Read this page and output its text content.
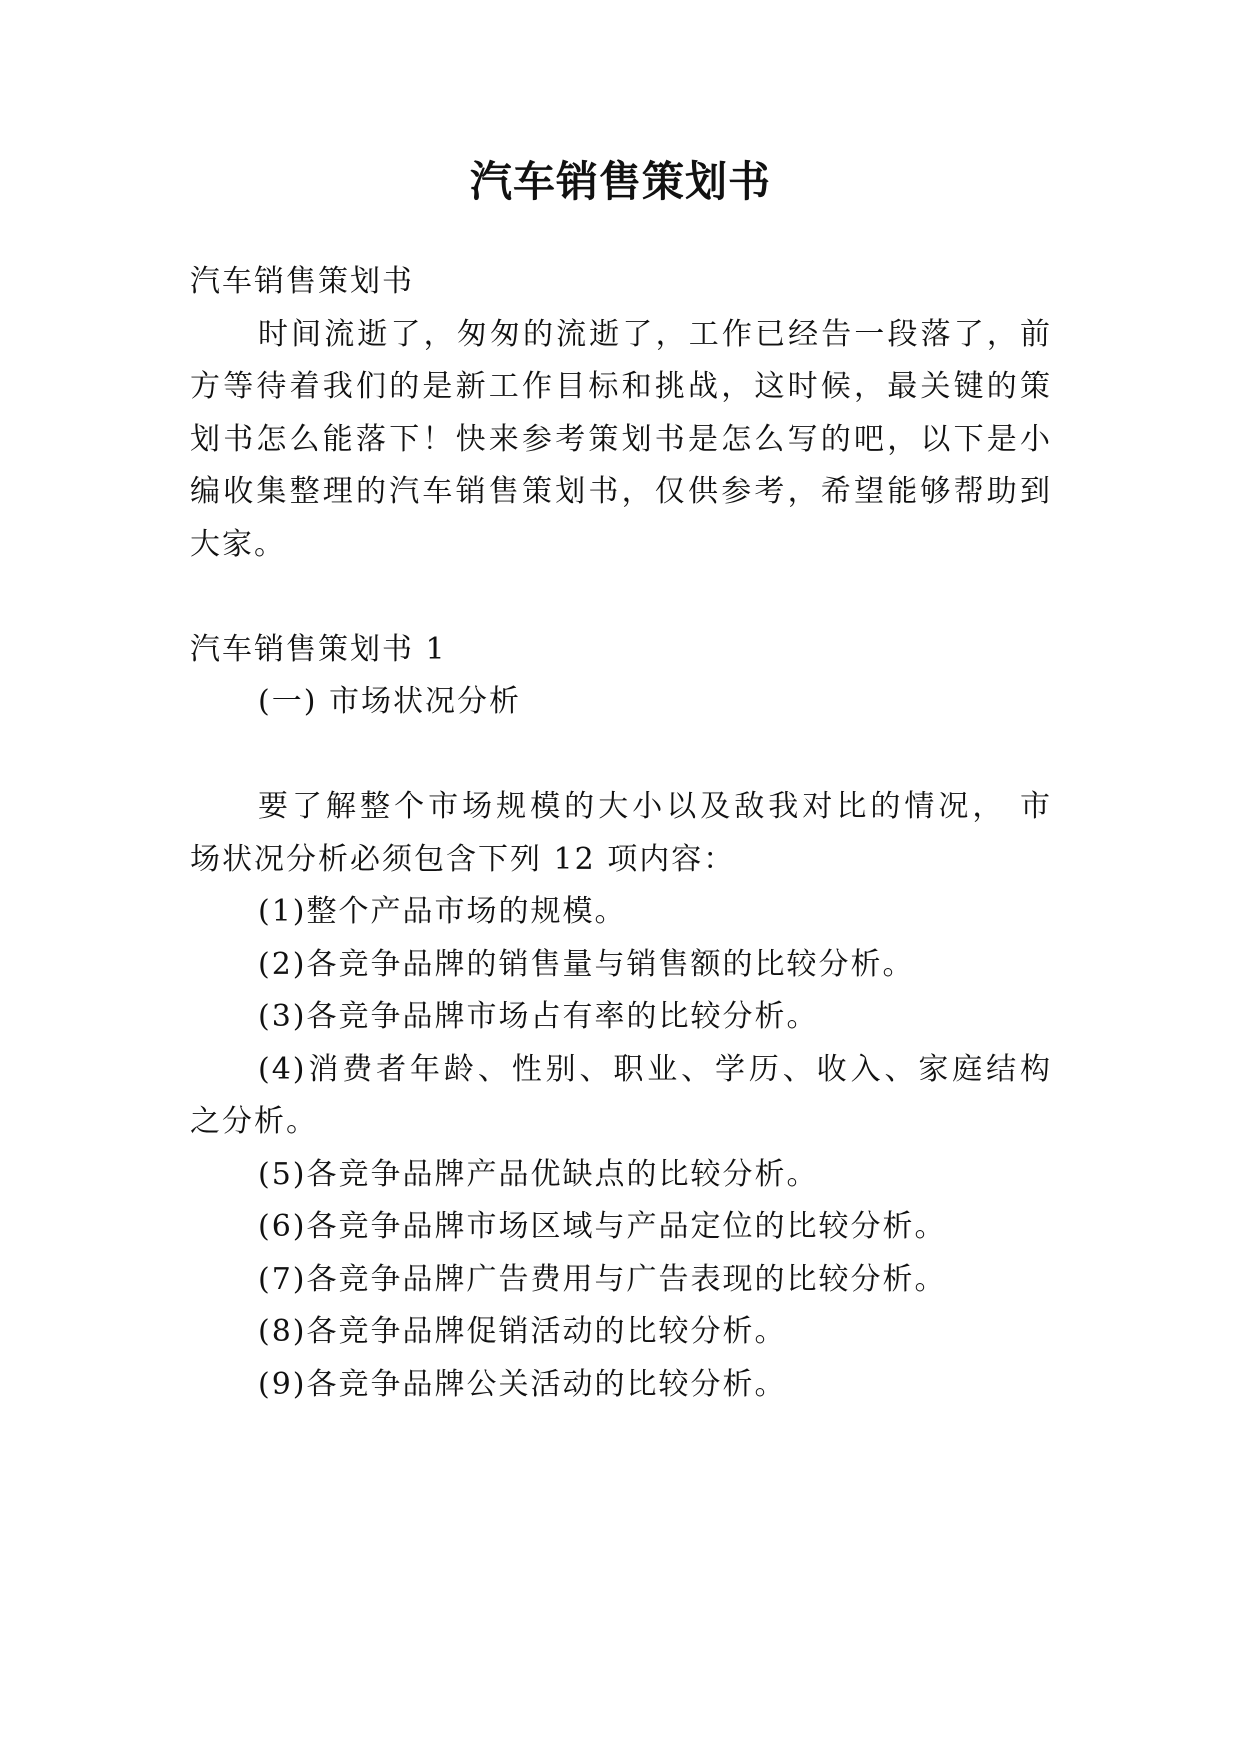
汽车销售策划书
汽车销售策划书
时间流逝了，匆匆的流逝了，工作已经告一段落了，前
方等待着我们的是新工作目标和挑战，这时候，最关键的策
划书怎么能落下！快来参考策划书是怎么写的吧，以下是小
编收集整理的汽车销售策划书，仅供参考，希望能够帮助到
大家。
汽车销售策划书 1
(一) 市场状况分析
要了解整个市场规模的大小以及敌我对比的情况， 市
场状况分析必须包含下列 12 项内容：
(1)整个产品市场的规模。
(2)各竞争品牌的销售量与销售额的比较分析。
(3)各竞争品牌市场占有率的比较分析。
(4)消费者年龄、性别、职业、学历、收入、家庭结构
之分析。
(5)各竞争品牌产品优缺点的比较分析。
(6)各竞争品牌市场区域与产品定位的比较分析。
(7)各竞争品牌广告费用与广告表现的比较分析。
(8)各竞争品牌促销活动的比较分析。
(9)各竞争品牌公关活动的比较分析。
